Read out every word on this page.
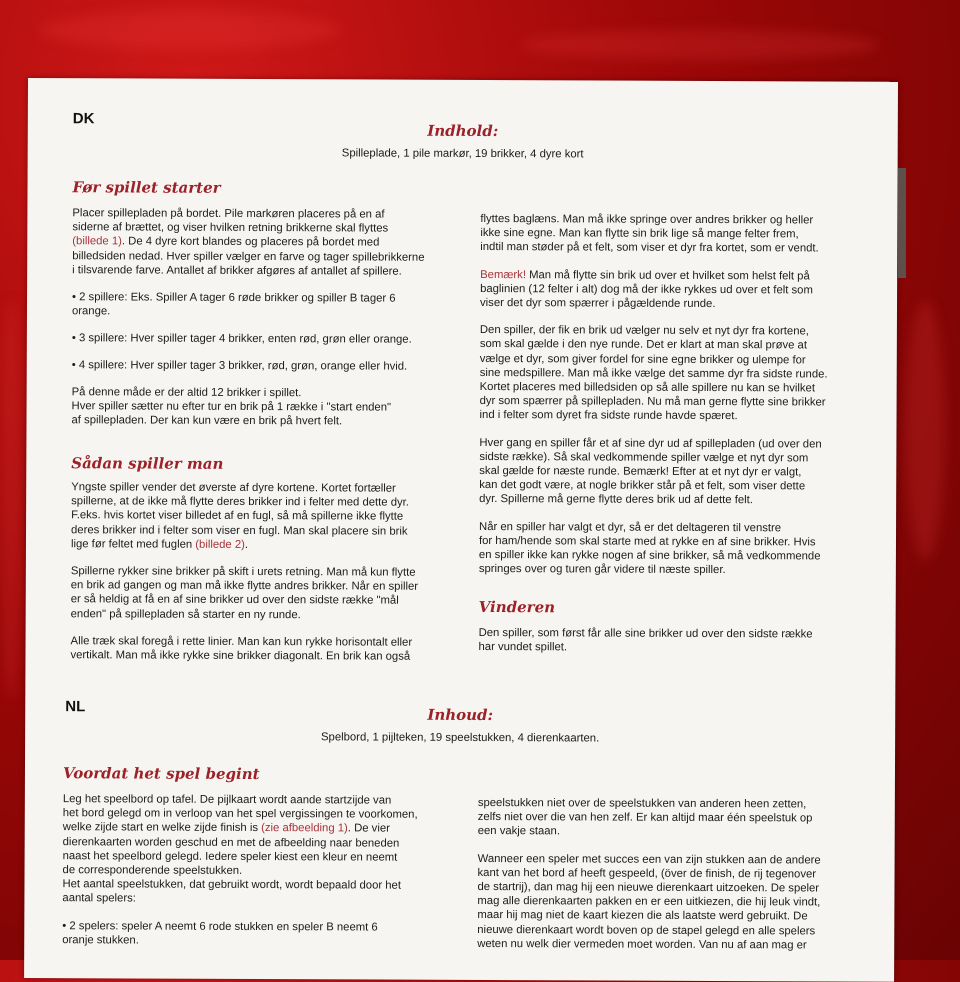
DK
Indhold:
Spilleplade, 1 pile markør, 19 brikker, 4 dyre kort
Før spillet starter

Placer spillepladen på bordet. Pile markøren placeres på en af
siderne af brættet, og viser hvilken retning brikkerne skal flyttes
(billede 1). De 4 dyre kort blandes og placeres på bordet med
billedsiden nedad. Hver spiller vælger en farve og tager spillebrikkerne
i tilsvarende farve. Antallet af brikker afgøres af antallet af spillere.

• 2 spillere: Eks. Spiller A tager 6 røde brikker og spiller B tager 6
orange.

• 3 spillere: Hver spiller tager 4 brikker, enten rød, grøn eller orange.

• 4 spillere: Hver spiller tager 3 brikker, rød, grøn, orange eller hvid.

På denne måde er der altid 12 brikker i spillet.
Hver spiller sætter nu efter tur en brik på 1 række i "start enden"
af spillepladen. Der kan kun være en brik på hvert felt.

Sådan spiller man

Yngste spiller vender det øverste af dyre kortene. Kortet fortæller
spillerne, at de ikke må flytte deres brikker ind i felter med dette dyr.
F.eks. hvis kortet viser billedet af en fugl, så må spillerne ikke flytte
deres brikker ind i felter som viser en fugl. Man skal placere sin brik
lige før feltet med fuglen (billede 2).

Spillerne rykker sine brikker på skift i urets retning. Man må kun flytte
en brik ad gangen og man må ikke flytte andres brikker. Når en spiller
er så heldig at få en af sine brikker ud over den sidste række "mål
enden" på spillepladen så starter en ny runde.

Alle træk skal foregå i rette linier. Man kan kun rykke horisontalt eller
vertikalt. Man må ikke rykke sine brikker diagonalt. En brik kan også

flyttes baglæns. Man må ikke springe over andres brikker og heller
ikke sine egne. Man kan flytte sin brik lige så mange felter frem,
indtil man støder på et felt, som viser et dyr fra kortet, som er vendt.

Bemærk! Man må flytte sin brik ud over et hvilket som helst felt på
baglinien (12 felter i alt) dog må der ikke rykkes ud over et felt som
viser det dyr som spærrer i pågældende runde.

Den spiller, der fik en brik ud vælger nu selv et nyt dyr fra kortene,
som skal gælde i den nye runde. Det er klart at man skal prøve at
vælge et dyr, som giver fordel for sine egne brikker og ulempe for
sine medspillere. Man må ikke vælge det samme dyr fra sidste runde.
Kortet placeres med billedsiden op så alle spillere nu kan se hvilket
dyr som spærrer på spillepladen. Nu må man gerne flytte sine brikker
ind i felter som dyret fra sidste runde havde spæret.

Hver gang en spiller får et af sine dyr ud af spillepladen (ud over den
sidste række). Så skal vedkommende spiller vælge et nyt dyr som
skal gælde for næste runde. Bemærk! Efter at et nyt dyr er valgt,
kan det godt være, at nogle brikker står på et felt, som viser dette
dyr. Spillerne må gerne flytte deres brik ud af dette felt.

Når en spiller har valgt et dyr, så er det deltageren til venstre
for ham/hende som skal starte med at rykke en af sine brikker. Hvis
en spiller ikke kan rykke nogen af sine brikker, så må vedkommende
springes over og turen går videre til næste spiller.

Vinderen

Den spiller, som først får alle sine brikker ud over den sidste række
har vundet spillet.

NL	Inhoud:
Spelbord, 1 pijlteken, 19 speelstukken, 4 dierenkaarten.
Voordat het spel begint

Leg het speelbord op tafel. De pijlkaart wordt aande startzijde van
het bord gelegd om in verloop van het spel vergissingen te voorkomen,
welke zijde start en welke zijde finish is (zie afbeelding 1). De vier
dierenkaarten worden geschud en met de afbeelding naar beneden
naast het speelbord gelegd. Iedere speler kiest een kleur en neemt
de corresponderende speelstukken.
Het aantal speelstukken, dat gebruikt wordt, wordt bepaald door het
aantal spelers:

• 2 spelers: speler A neemt 6 rode stukken en speler B neemt 6
oranje stukken.

speelstukken niet over de speelstukken van anderen heen zetten,
zelfs niet over die van hen zelf. Er kan altijd maar één speelstuk op
een vakje staan.

Wanneer een speler met succes een van zijn stukken aan de andere
kant van het bord af heeft gespeeld, (över de finish, de rij tegenover
de startrij), dan mag hij een nieuwe dierenkaart uitzoeken. De speler
mag alle dierenkaarten pakken en er een uitkiezen, die hij leuk vindt,
maar hij mag niet de kaart kiezen die als laatste werd gebruikt. De
nieuwe dierenkaart wordt boven op de stapel gelegd en alle spelers
weten nu welk dier vermeden moet worden. Van nu af aan mag er
